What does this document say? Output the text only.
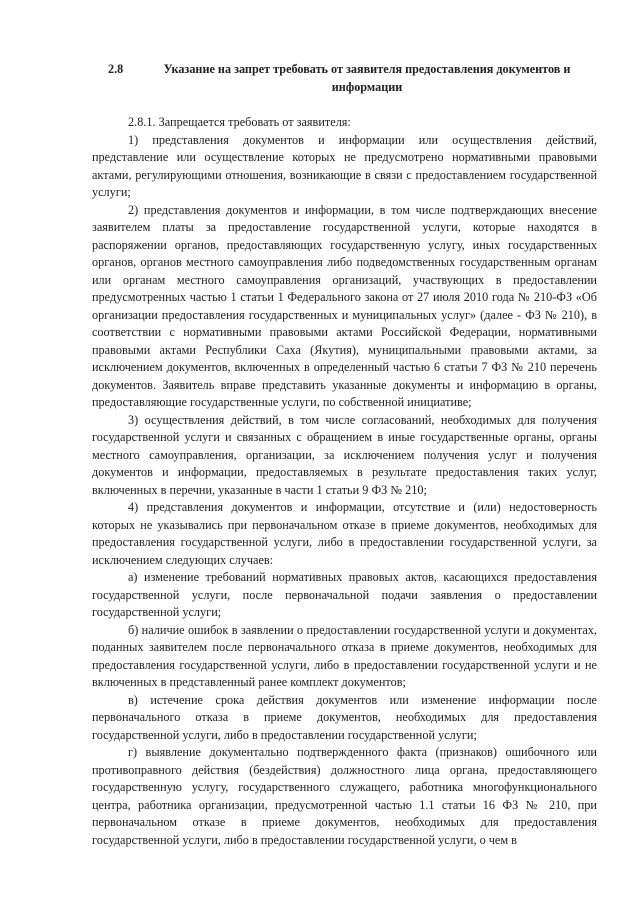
2.8	Указание на запрет требовать от заявителя предоставления документов и информации

2.8.1. Запрещается требовать от заявителя:

1) представления документов и информации или осуществления действий, представление или осуществление которых не предусмотрено нормативными правовыми актами, регулирующими отношения, возникающие в связи с предоставлением государственной услуги;

2) представления документов и информации, в том числе подтверждающих внесение заявителем платы за предоставление государственной услуги, которые находятся в распоряжении органов, предоставляющих государственную услугу, иных государственных органов, органов местного самоуправления либо подведомственных государственным органам или органам местного самоуправления организаций, участвующих в предоставлении предусмотренных частью 1 статьи 1 Федерального закона от 27 июля 2010 года № 210-ФЗ «Об организации предоставления государственных и муниципальных услуг» (далее - ФЗ № 210), в соответствии с нормативными правовыми актами Российской Федерации, нормативными правовыми актами Республики Саха (Якутия), муниципальными правовыми актами, за исключением документов, включенных в определенный частью 6 статьи 7 ФЗ № 210 перечень документов. Заявитель вправе представить указанные документы и информацию в органы, предоставляющие государственные услуги, по собственной инициативе;

3) осуществления действий, в том числе согласований, необходимых для получения государственной услуги и связанных с обращением в иные государственные органы, органы местного самоуправления, организации, за исключением получения услуг и получения документов и информации, предоставляемых в результате предоставления таких услуг, включенных в перечни, указанные в части 1 статьи 9 ФЗ № 210;

4) представления документов и информации, отсутствие и (или) недостоверность которых не указывались при первоначальном отказе в приеме документов, необходимых для предоставления государственной услуги, либо в предоставлении государственной услуги, за исключением следующих случаев:

а) изменение требований нормативных правовых актов, касающихся предоставления государственной услуги, после первоначальной подачи заявления о предоставлении государственной услуги;

б) наличие ошибок в заявлении о предоставлении государственной услуги и документах, поданных заявителем после первоначального отказа в приеме документов, необходимых для предоставления государственной услуги, либо в предоставлении государственной услуги и не включенных в представленный ранее комплект документов;

в) истечение срока действия документов или изменение информации после первоначального отказа в приеме документов, необходимых для предоставления государственной услуги, либо в предоставлении государственной услуги;

г) выявление документально подтвержденного факта (признаков) ошибочного или противоправного действия (бездействия) должностного лица органа, предоставляющего государственную услугу, государственного служащего, работника многофункционального центра, работника организации, предусмотренной частью 1.1 статьи 16 ФЗ № 210, при первоначальном отказе в приеме документов, необходимых для предоставления государственной услуги, либо в предоставлении государственной услуги, о чем в
